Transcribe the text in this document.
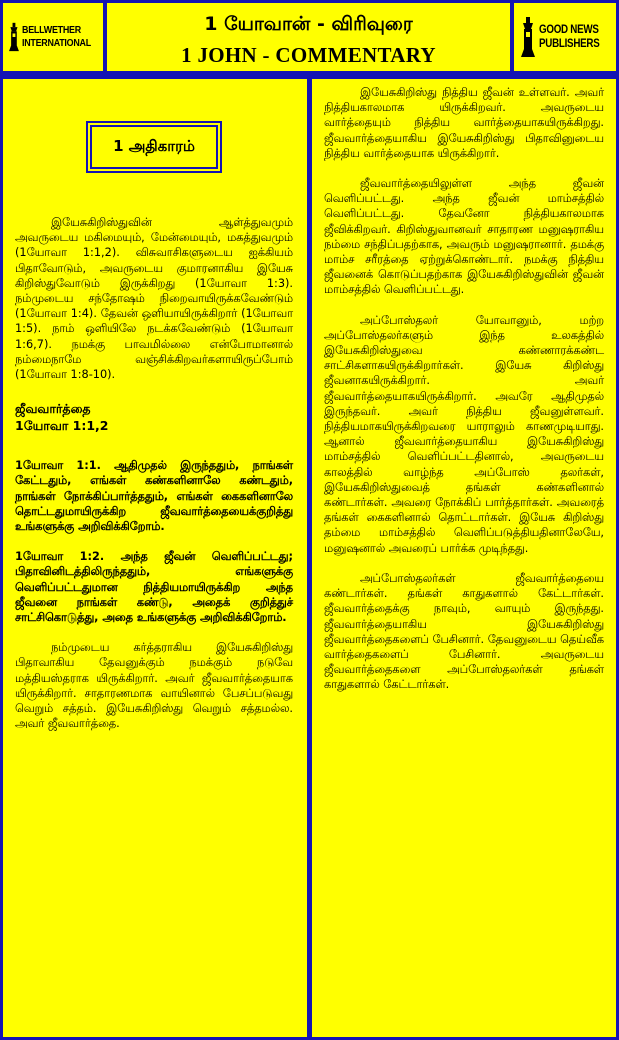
BELLWETHER
INTERNATIONAL
1 யோவான் - விரிவுரை
1 JOHN - COMMENTARY
GOOD NEWS
PUBLISHERS
1 அதிகாரம்

இயேசுகிறிஸ்துவின் ஆள்த்துவமும் அவருடைய மகிமையும், மேன்மையும், மகத்துவமும் (1யோவா 1:1,2). விசுவாசிகளுடைய ஐக்கியம் பிதாவோடும், அவருடைய குமாரனாகிய இயேசு கிறிஸ்துவோடும் இருக்கிறது (1யோவா 1:3). நம்முடைய சந்தோஷம் நிறைவாயிருக்கவேண்டும் (1யோவா 1:4). தேவன் ஒளியாயிருக்கிறார் (1யோவா 1:5). நாம் ஒளியிலே நடக்கவேண்டும் (1யோவா 1:6,7). நமக்கு பாவமில்லை என்போமானால் நம்மைநாமே வஞ்சிக்கிறவர்களாயிருப்போம் (1யோவா 1:8-10).

ஜீவவார்த்தை
1யோவா 1:1,2

1யோவா 1:1. ஆதிமுதல் இருந்ததும், நாங்கள் கேட்டதும், எங்கள் கண்களினாலே கண்டதும், நாங்கள் நோக்கிப்பார்த்ததும், எங்கள் கைகளினாலே தொட்டதுமாயிருக்கிற ஜீவவார்த்தையைக்குறித்து உங்களுக்கு அறிவிக்கிறோம்.

1யோவா 1:2. அந்த ஜீவன் வெளிப்பட்டது; பிதாவினிடத்திலிருந்ததும், எங்களுக்கு வெளிப்பட்டதுமான நித்தியமாயிருக்கிற அந்த ஜீவனை நாங்கள் கண்டு, அதைக் குறித்துச் சாட்சிகொடுத்து, அதை உங்களுக்கு அறிவிக்கிறோம்.

நம்முடைய கர்த்தராகிய இயேசுகிறிஸ்து பிதாவாகிய தேவனுக்கும் நமக்கும் நடுவே மத்தியஸ்தராக யிருக்கிறார். அவர் ஜீவவார்த்தையாக யிருக்கிறார். சாதாரணமாக வாயினால் பேசப்படுவது வெறும் சத்தம். இயேசுகிறிஸ்து வெறும் சத்தமல்ல. அவர் ஜீவவார்த்தை.

இயேசுகிறிஸ்து நித்திய ஜீவன் உள்ளவர். அவர் நித்தியகாலமாக யிருக்கிறவர். அவருடைய வார்த்தையும் நித்திய வார்த்தையாகயிருக்கிறது. ஜீவவார்த்தையாகிய இயேசுகிறிஸ்து பிதாவினுடைய நித்திய வார்த்தையாக யிருக்கிறார்.

ஜீவவார்த்தையிலுள்ள அந்த ஜீவன் வெளிப்பட்டது. அந்த ஜீவன் மாம்சத்தில் வெளிப்பட்டது. தேவனோ நித்தியகாலமாக ஜீவிக்கிறவர். கிறிஸ்துவானவர் சாதாரண மனுஷராகிய நம்மை சந்திப்பதற்காக, அவரும் மனுஷரானார். தமக்கு மாம்ச சரீரத்தை ஏற்றுக்கொண்டார். நமக்கு நித்திய ஜீவனைக் கொடுப்பதற்காக இயேசுகிறிஸ்துவின் ஜீவன் மாம்சத்தில் வெளிப்பட்டது.

அப்போஸ்தலர் யோவானும், மற்ற அப்போஸ்தலர்களும் இந்த உலகத்தில் இயேசுகிறிஸ்துவை கண்ணாரக்கண்ட சாட்சிகளாகயிருக்கிறார்கள். இயேசு கிறிஸ்து ஜீவனாகயிருக்கிறார். அவர் ஜீவவார்த்தையாகயிருக்கிறார். அவரே ஆதிமுதல் இருந்தவர். அவர் நித்திய ஜீவனுள்ளவர். நித்தியமாகயிருக்கிறவரை யாராலும் காணமுடியாது. ஆனால் ஜீவவார்த்தையாகிய இயேசுகிறிஸ்து மாம்சத்தில் வெளிப்பட்டதினால், அவருடைய காலத்தில் வாழ்ந்த அப்போஸ் தலர்கள், இயேசுகிறிஸ்துவைத் தங்கள் கண்களினால் கண்டார்கள். அவரை நோக்கிப் பார்த்தார்கள். அவரைத் தங்கள் கைகளினால் தொட்டார்கள். இயேசு கிறிஸ்து தம்மை மாம்சத்தில் வெளிப்படுத்தியதினாலேயே, மனுஷனால் அவரைப் பார்க்க முடிந்தது.

அப்போஸ்தலர்கள் ஜீவவார்த்தையை கண்டார்கள். தங்கள் காதுகளால் கேட்டார்கள். ஜீவவார்த்தைக்கு நாவும், வாயும் இருந்தது. ஜீவவார்த்தையாகிய இயேசுகிறிஸ்து ஜீவவார்த்தைகளைப் பேசினார். தேவனுடைய தெய்வீக வார்த்தைகளைப் பேசினார். அவருடைய ஜீவவார்த்தைகளை அப்போஸ்தலர்கள் தங்கள் காதுகளால் கேட்டார்கள்.
